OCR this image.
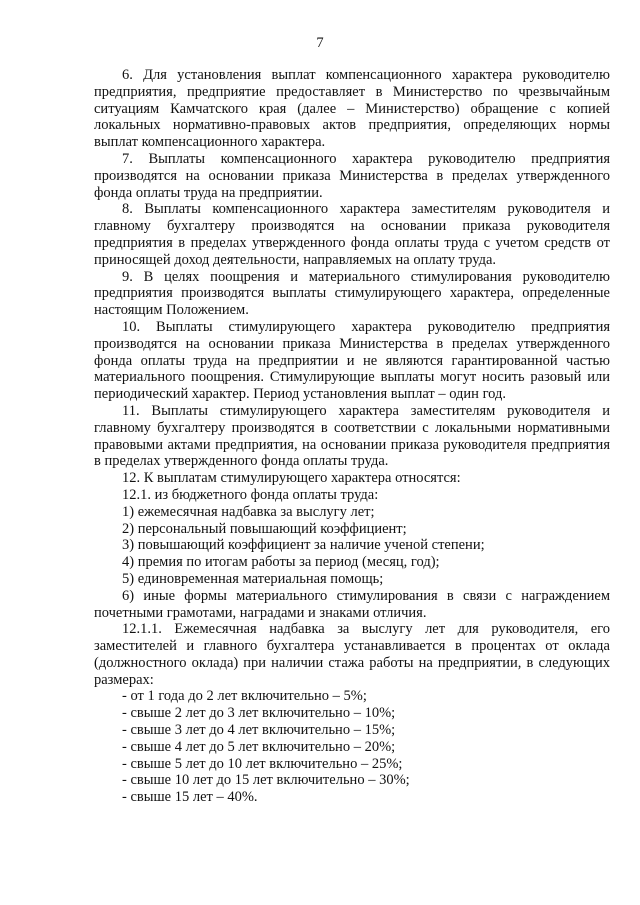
7

6. Для установления выплат компенсационного характера руководителю предприятия, предприятие предоставляет в Министерство по чрезвычайным ситуациям Камчатского края (далее – Министерство) обращение с копией локальных нормативно-правовых актов предприятия, определяющих нормы выплат компенсационного характера.

7. Выплаты компенсационного характера руководителю предприятия производятся на основании приказа Министерства в пределах утвержденного фонда оплаты труда на предприятии.

8. Выплаты компенсационного характера заместителям руководителя и главному бухгалтеру производятся на основании приказа руководителя предприятия в пределах утвержденного фонда оплаты труда с учетом средств от приносящей доход деятельности, направляемых на оплату труда.

9. В целях поощрения и материального стимулирования руководителю предприятия производятся выплаты стимулирующего характера, определенные настоящим Положением.

10. Выплаты стимулирующего характера руководителю предприятия производятся на основании приказа Министерства в пределах утвержденного фонда оплаты труда на предприятии и не являются гарантированной частью материального поощрения. Стимулирующие выплаты могут носить разовый или периодический характер. Период установления выплат – один год.

11. Выплаты стимулирующего характера заместителям руководителя и главному бухгалтеру производятся в соответствии с локальными нормативными правовыми актами предприятия, на основании приказа руководителя предприятия в пределах утвержденного фонда оплаты труда.

12. К выплатам стимулирующего характера относятся:

12.1. из бюджетного фонда оплаты труда:

1) ежемесячная надбавка за выслугу лет;

2) персональный повышающий коэффициент;

3) повышающий коэффициент за наличие ученой степени;

4) премия по итогам работы за период (месяц, год);

5) единовременная материальная помощь;

6) иные формы материального стимулирования в связи с награждением почетными грамотами, наградами и знаками отличия.

12.1.1. Ежемесячная надбавка за выслугу лет для руководителя, его заместителей и главного бухгалтера устанавливается в процентах от оклада (должностного оклада) при наличии стажа работы на предприятии, в следующих размерах:

- от 1 года до 2 лет включительно – 5%;

- свыше 2 лет до 3 лет включительно – 10%;

- свыше 3 лет до 4 лет включительно – 15%;

- свыше 4 лет до 5 лет включительно – 20%;

- свыше 5 лет до 10 лет включительно – 25%;

- свыше 10 лет до 15 лет включительно – 30%;

- свыше 15 лет – 40%.
